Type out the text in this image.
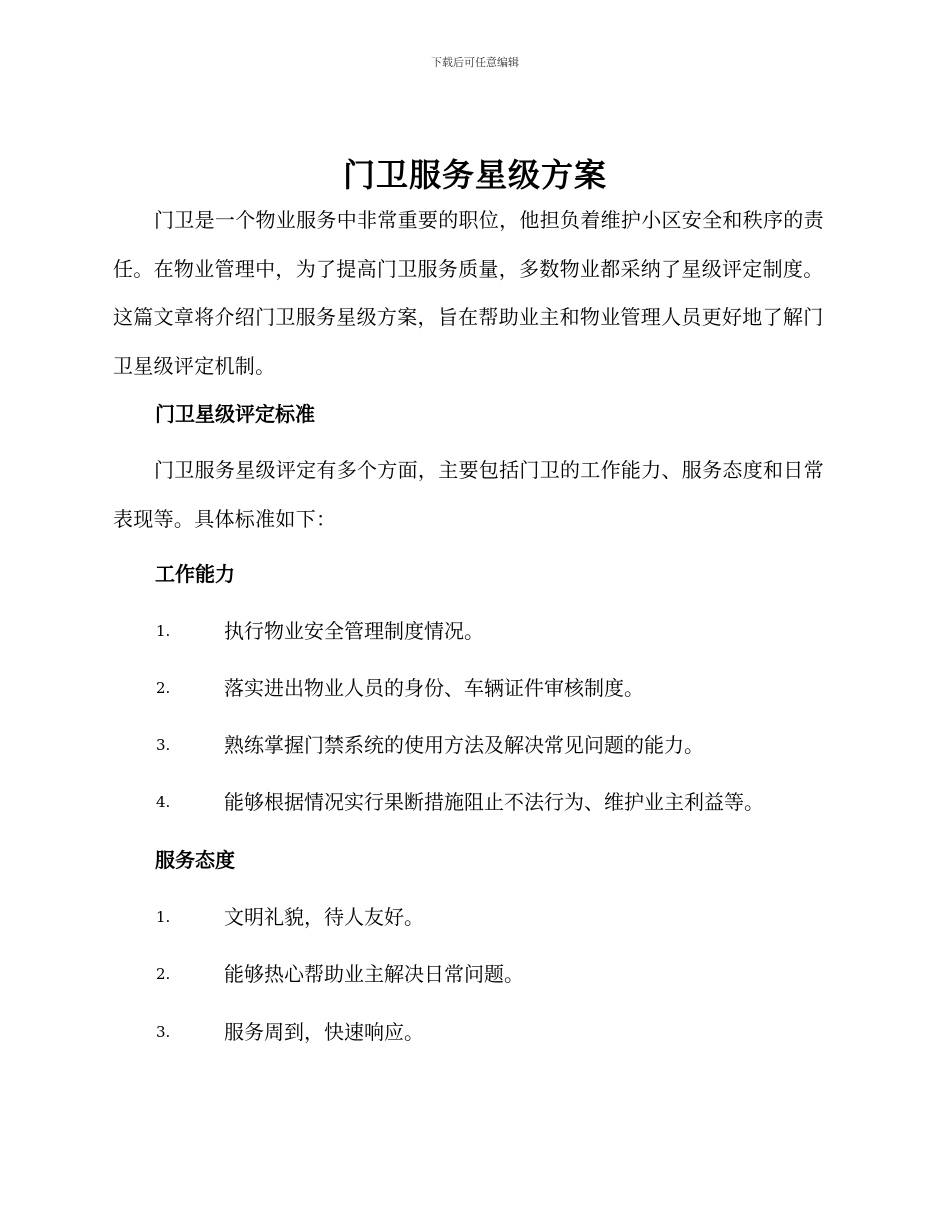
下载后可任意编辑
门卫服务星级方案
门卫是一个物业服务中非常重要的职位，他担负着维护小区安全和秩序的责任。在物业管理中，为了提高门卫服务质量，多数物业都采纳了星级评定制度。这篇文章将介绍门卫服务星级方案，旨在帮助业主和物业管理人员更好地了解门卫星级评定机制。
门卫星级评定标准
门卫服务星级评定有多个方面，主要包括门卫的工作能力、服务态度和日常表现等。具体标准如下：
工作能力
1.	执行物业安全管理制度情况。
2.	落实进出物业人员的身份、车辆证件审核制度。
3.	熟练掌握门禁系统的使用方法及解决常见问题的能力。
4.	能够根据情况实行果断措施阻止不法行为、维护业主利益等。
服务态度
1.	文明礼貌，待人友好。
2.	能够热心帮助业主解决日常问题。
3.	服务周到，快速响应。
